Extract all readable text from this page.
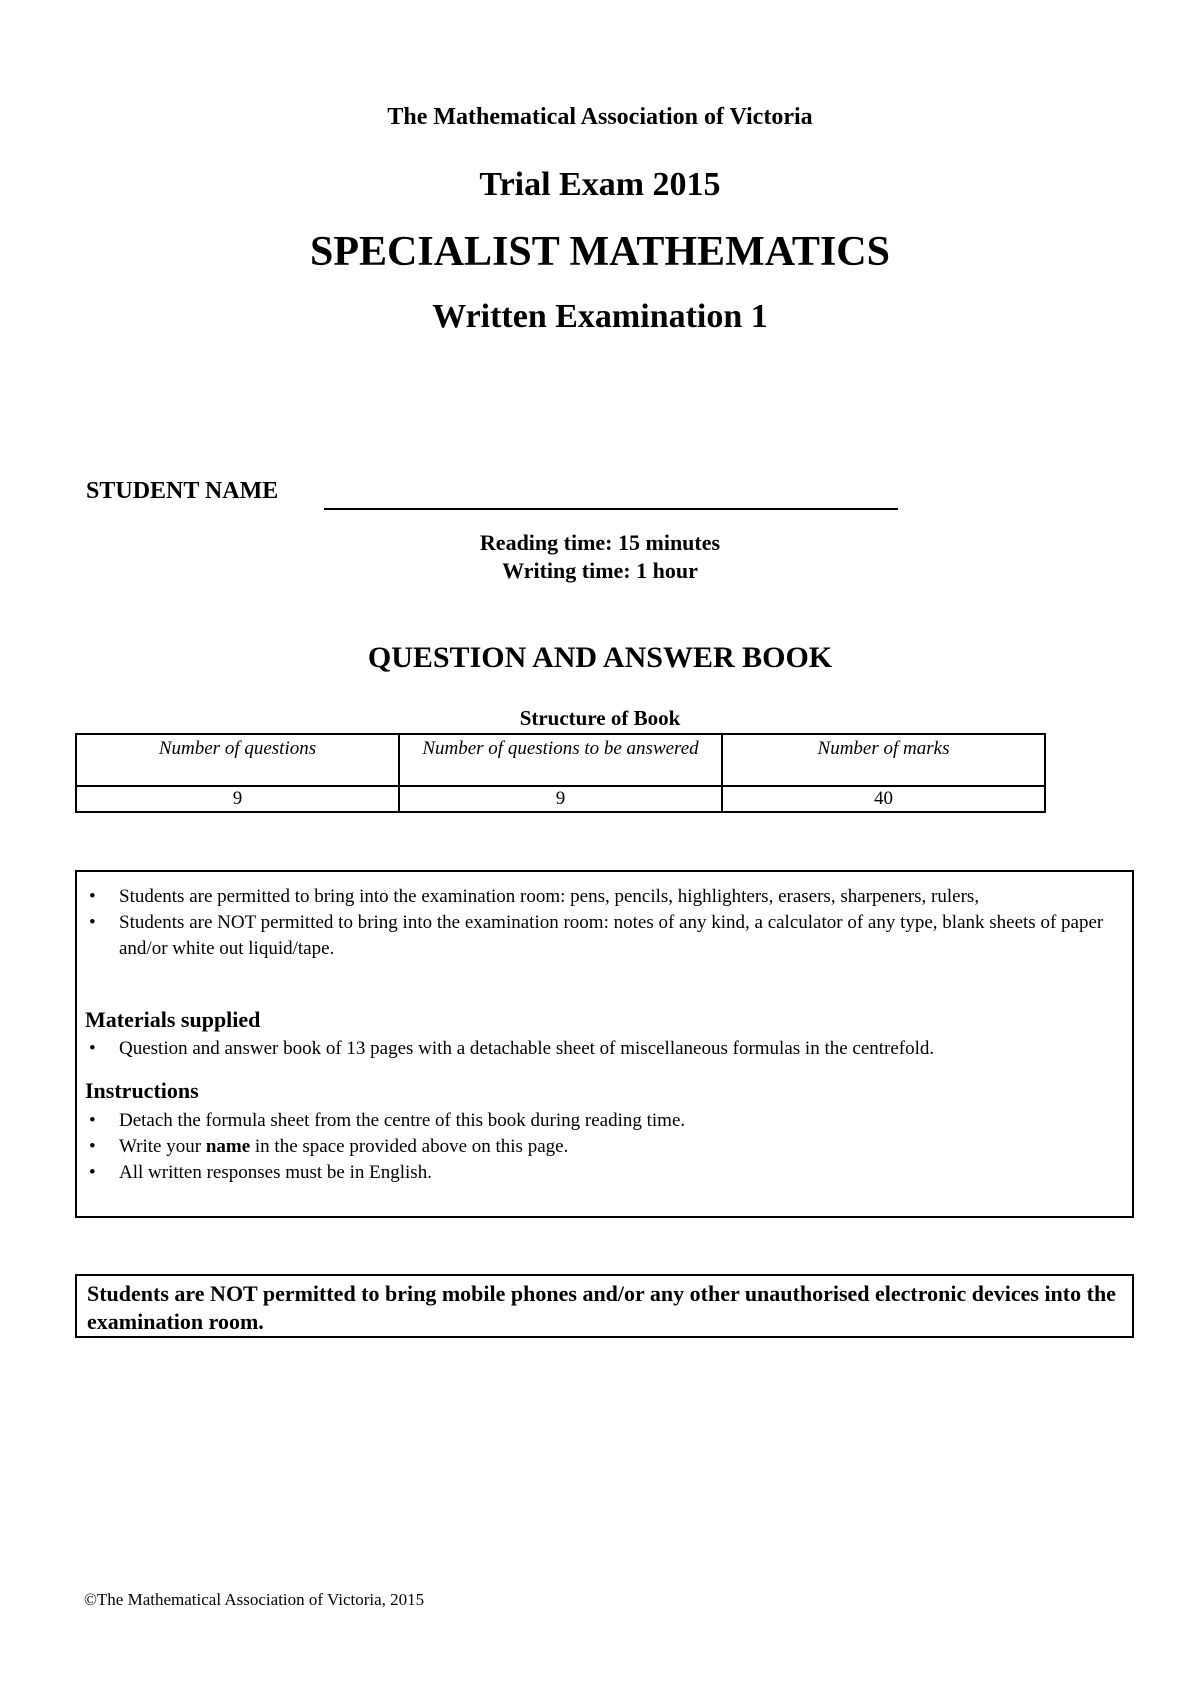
The Mathematical Association of Victoria
Trial Exam 2015
SPECIALIST MATHEMATICS
Written Examination 1
STUDENT NAME
Reading time: 15 minutes
Writing time: 1 hour
QUESTION AND ANSWER BOOK
Structure of Book
Number of questions	Number of questions to be answered	Number of marks
9	9	40
• Students are permitted to bring into the examination room: pens, pencils, highlighters, erasers, sharpeners, rulers,
• Students are NOT permitted to bring into the examination room: notes of any kind, a calculator of any type, blank sheets of paper and/or white out liquid/tape.
Materials supplied
• Question and answer book of 13 pages with a detachable sheet of miscellaneous formulas in the centrefold.
Instructions
• Detach the formula sheet from the centre of this book during reading time.
• Write your name in the space provided above on this page.
• All written responses must be in English.
Students are NOT permitted to bring mobile phones and/or any other unauthorised electronic devices into the examination room.
©The Mathematical Association of Victoria, 2015
